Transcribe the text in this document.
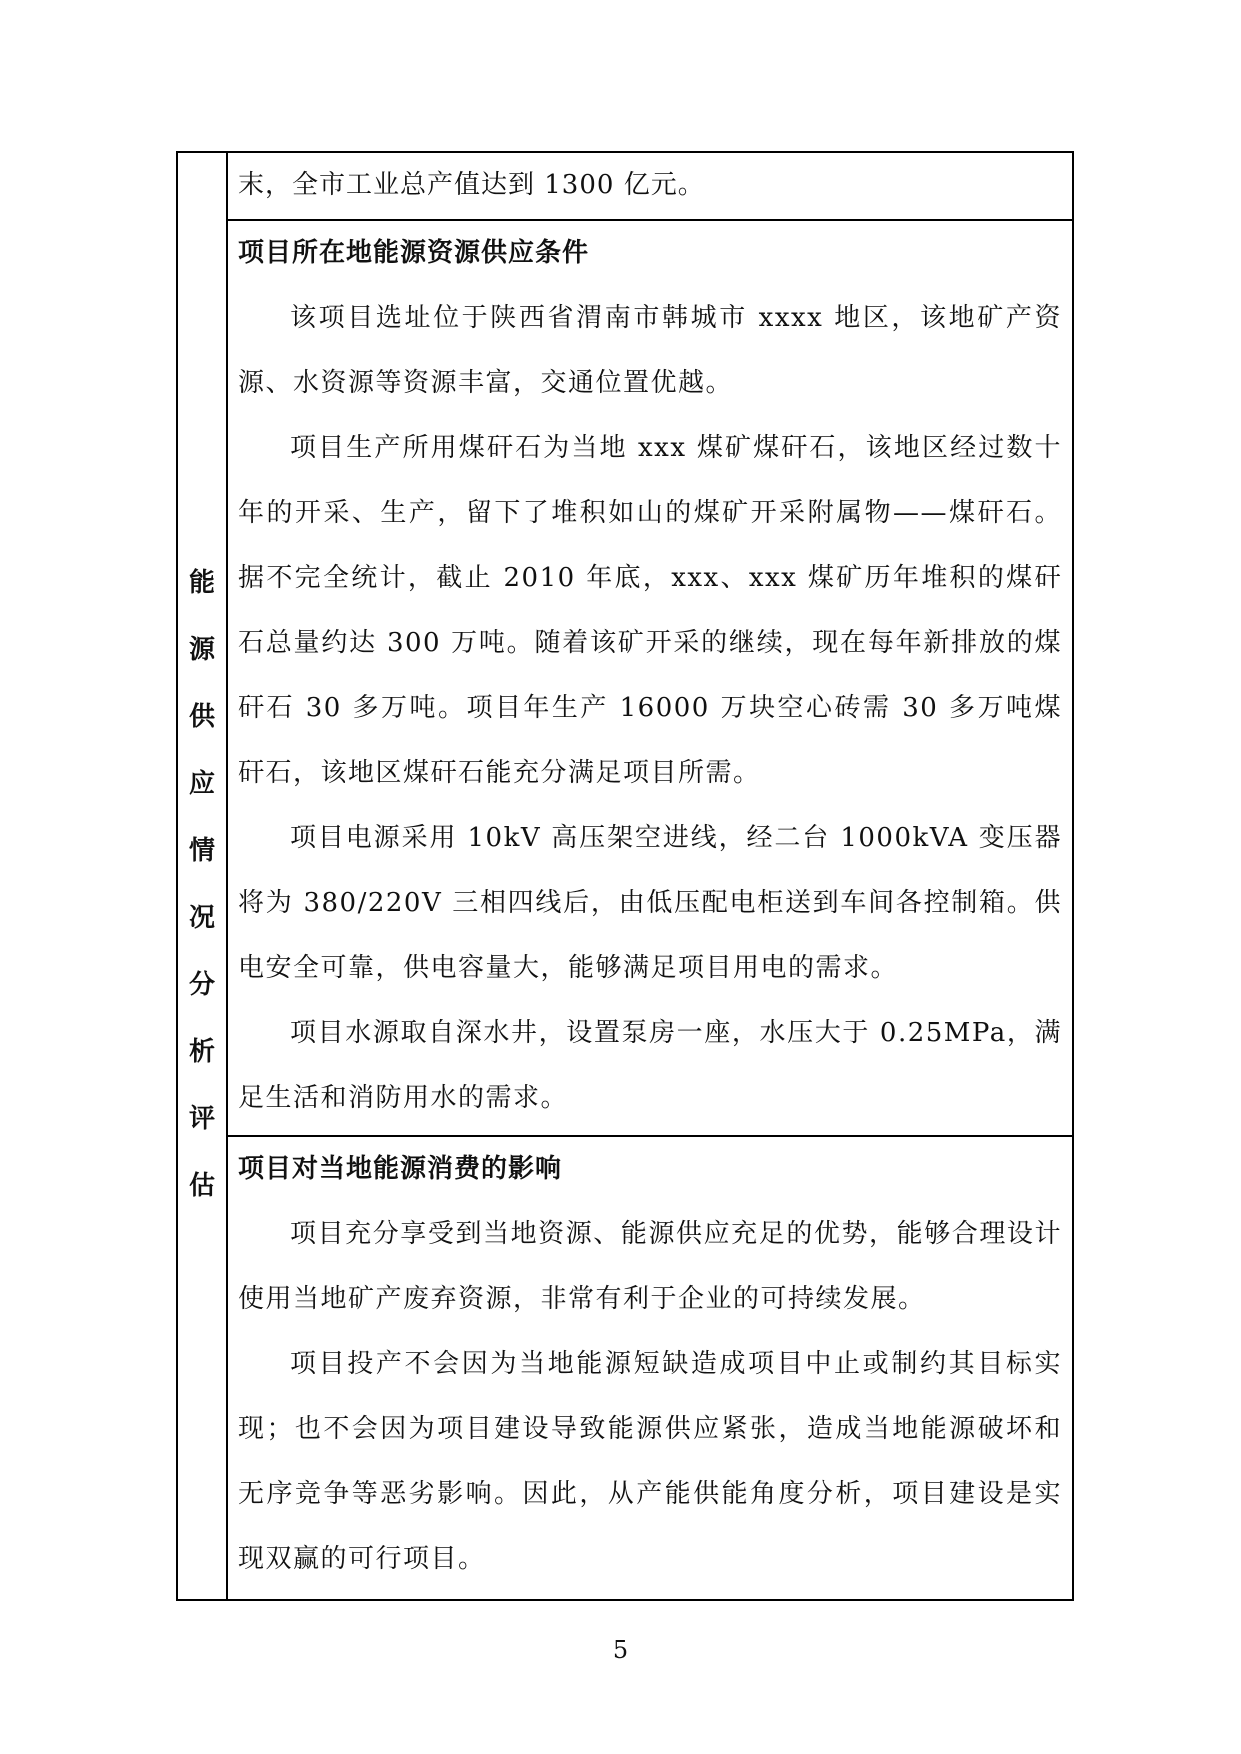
能
源
供
应
情
况
分
析
评
估
末，全市工业总产值达到 1300 亿元。
项目所在地能源资源供应条件

该项目选址位于陕西省渭南市韩城市 xxxx 地区，该地矿产资源、水资源等资源丰富，交通位置优越。

项目生产所用煤矸石为当地 xxx 煤矿煤矸石，该地区经过数十年的开采、生产，留下了堆积如山的煤矿开采附属物——煤矸石。据不完全统计，截止 2010 年底，xxx、xxx 煤矿历年堆积的煤矸石总量约达 300 万吨。随着该矿开采的继续，现在每年新排放的煤矸石 30 多万吨。项目年生产 16000 万块空心砖需 30 多万吨煤矸石，该地区煤矸石能充分满足项目所需。

项目电源采用 10kV 高压架空进线，经二台 1000kVA 变压器将为 380/220V 三相四线后，由低压配电柜送到车间各控制箱。供电安全可靠，供电容量大，能够满足项目用电的需求。

项目水源取自深水井，设置泵房一座，水压大于 0.25MPa，满足生活和消防用水的需求。

项目对当地能源消费的影响

项目充分享受到当地资源、能源供应充足的优势，能够合理设计使用当地矿产废弃资源，非常有利于企业的可持续发展。

项目投产不会因为当地能源短缺造成项目中止或制约其目标实现；也不会因为项目建设导致能源供应紧张，造成当地能源破坏和无序竞争等恶劣影响。因此，从产能供能角度分析，项目建设是实现双赢的可行项目。

5
